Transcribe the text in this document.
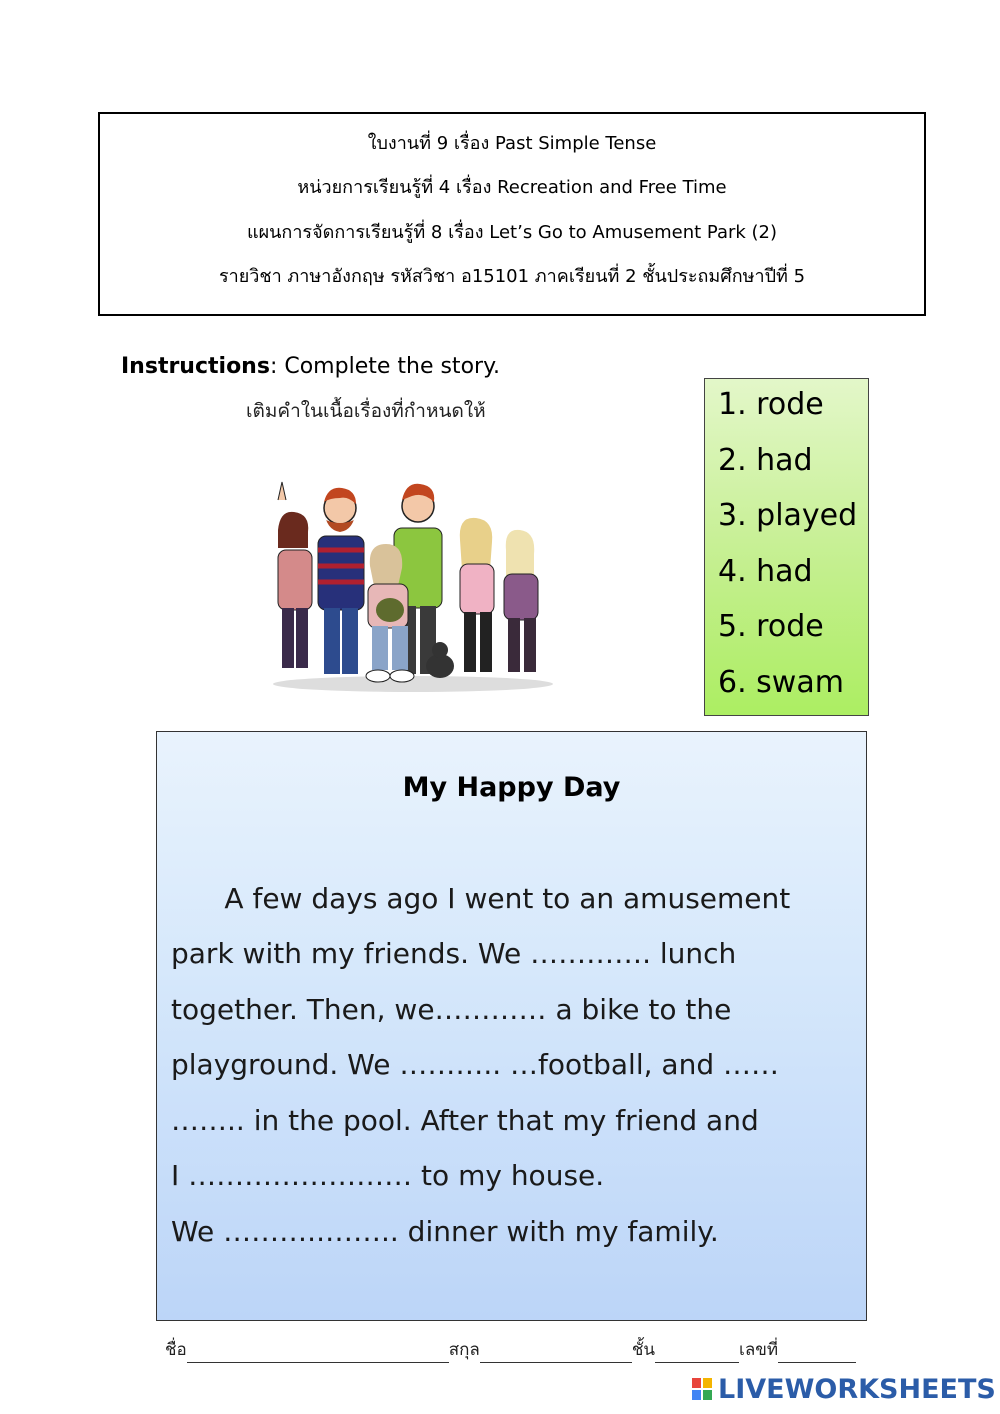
ใบงานที่ 9 เรื่อง Past Simple Tense
หน่วยการเรียนรู้ที่ 4 เรื่อง Recreation and Free Time
แผนการจัดการเรียนรู้ที่ 8 เรื่อง Let’s Go to Amusement Park (2)
รายวิชา ภาษาอังกฤษ รหัสวิชา อ15101 ภาคเรียนที่ 2 ชั้นประถมศึกษาปีที่ 5
Instructions: Complete the story.
เติมคำในเนื้อเรื่องที่กำหนดให้	1. rode
2. had
3. played
4. had
5. rode
6. swam
My Happy Day
A few days ago I went to an amusement
park with my friends. We …………. lunch
together. Then, we………… a bike to the
playground. We ……….. …football, and ……
…….. in the pool. After that my friend and
I …………………… to my house.
We ………..…….. dinner with my family.
ชื่อ	สกุล	ชั้น	เลขที่
LIVEWORKSHEETS
